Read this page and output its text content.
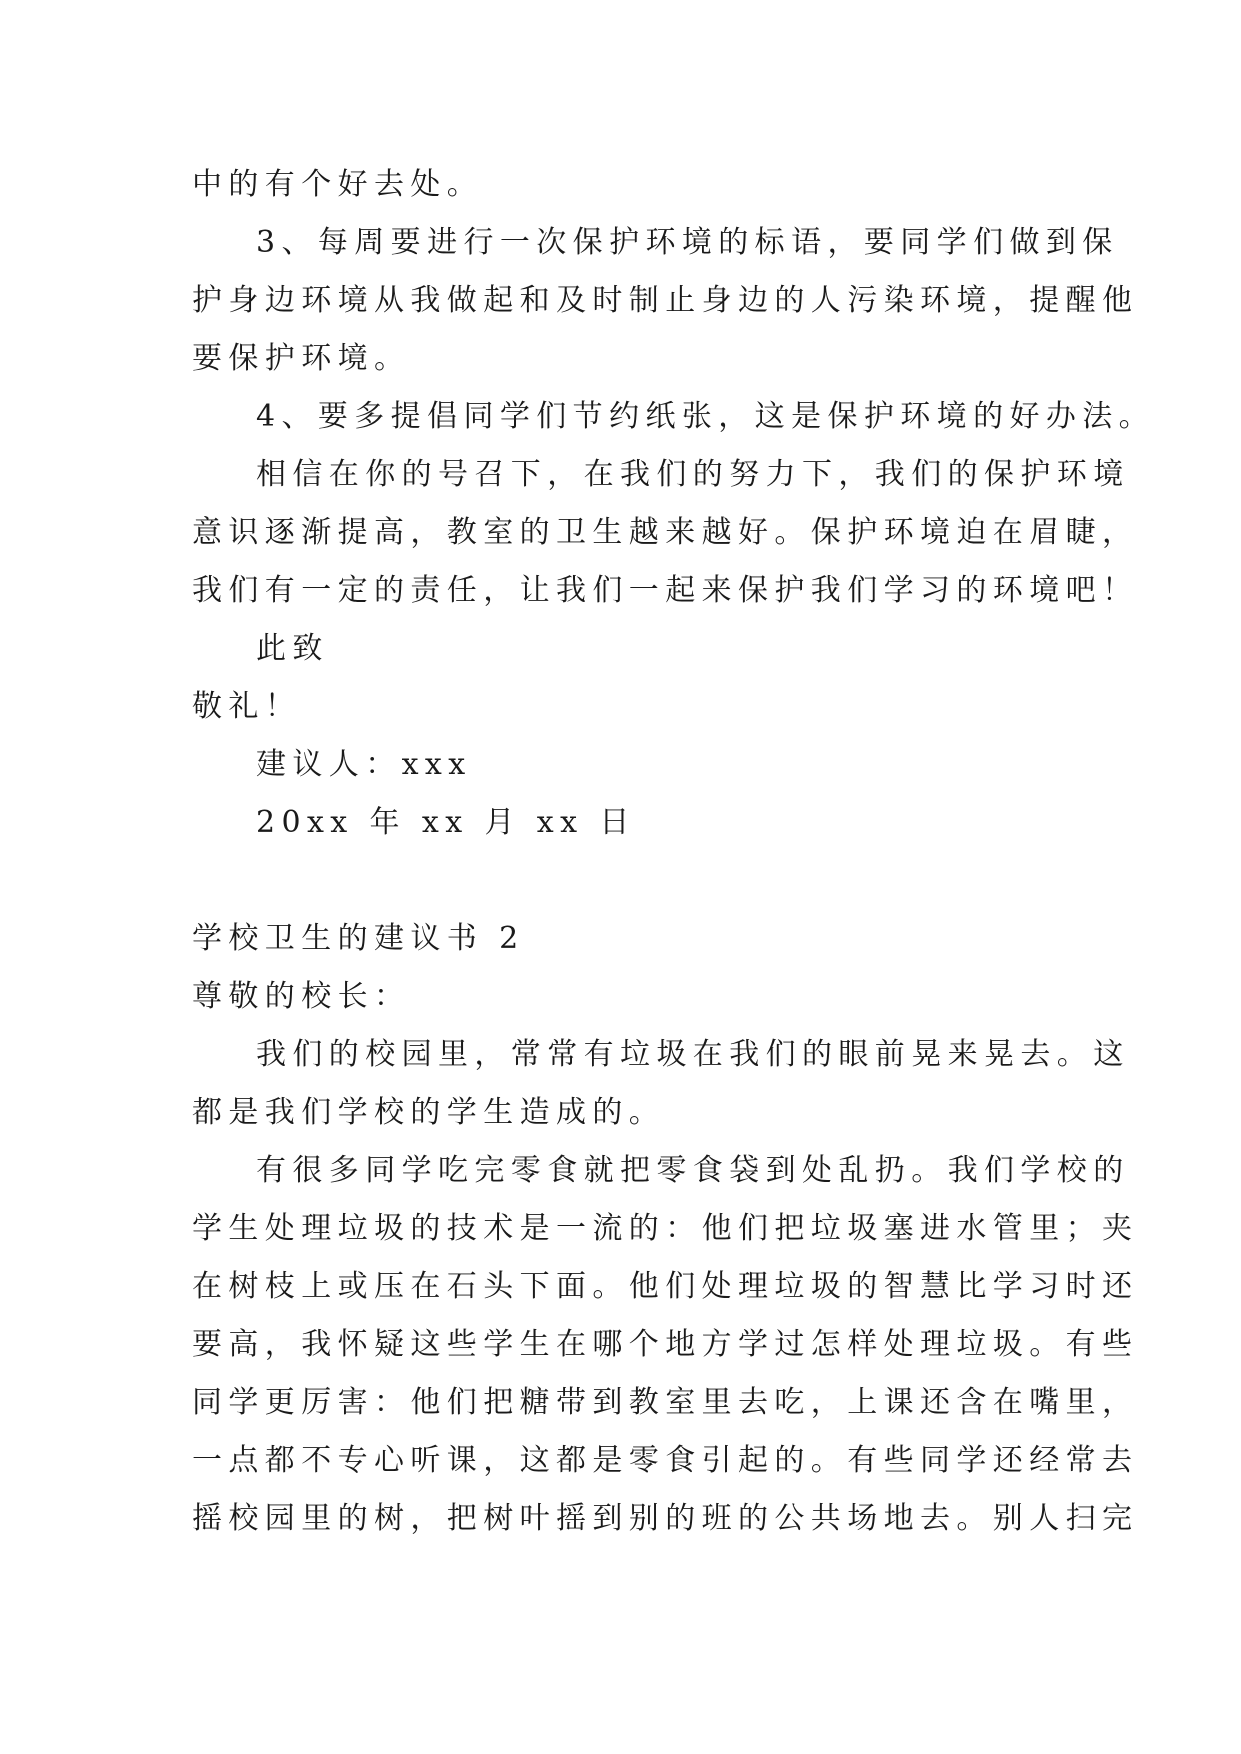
中的有个好去处。
3、每周要进行一次保护环境的标语，要同学们做到保
护身边环境从我做起和及时制止身边的人污染环境，提醒他
要保护环境。
4、要多提倡同学们节约纸张，这是保护环境的好办法。
相信在你的号召下，在我们的努力下，我们的保护环境
意识逐渐提高，教室的卫生越来越好。保护环境迫在眉睫，
我们有一定的责任，让我们一起来保护我们学习的环境吧！
此致
敬礼！
建议人：xxx
20xx 年 xx 月 xx 日
学校卫生的建议书 2
尊敬的校长：
我们的校园里，常常有垃圾在我们的眼前晃来晃去。这
都是我们学校的学生造成的。
有很多同学吃完零食就把零食袋到处乱扔。我们学校的
学生处理垃圾的技术是一流的：他们把垃圾塞进水管里；夹
在树枝上或压在石头下面。他们处理垃圾的智慧比学习时还
要高，我怀疑这些学生在哪个地方学过怎样处理垃圾。有些
同学更厉害：他们把糖带到教室里去吃，上课还含在嘴里，
一点都不专心听课，这都是零食引起的。有些同学还经常去
摇校园里的树，把树叶摇到别的班的公共场地去。别人扫完
